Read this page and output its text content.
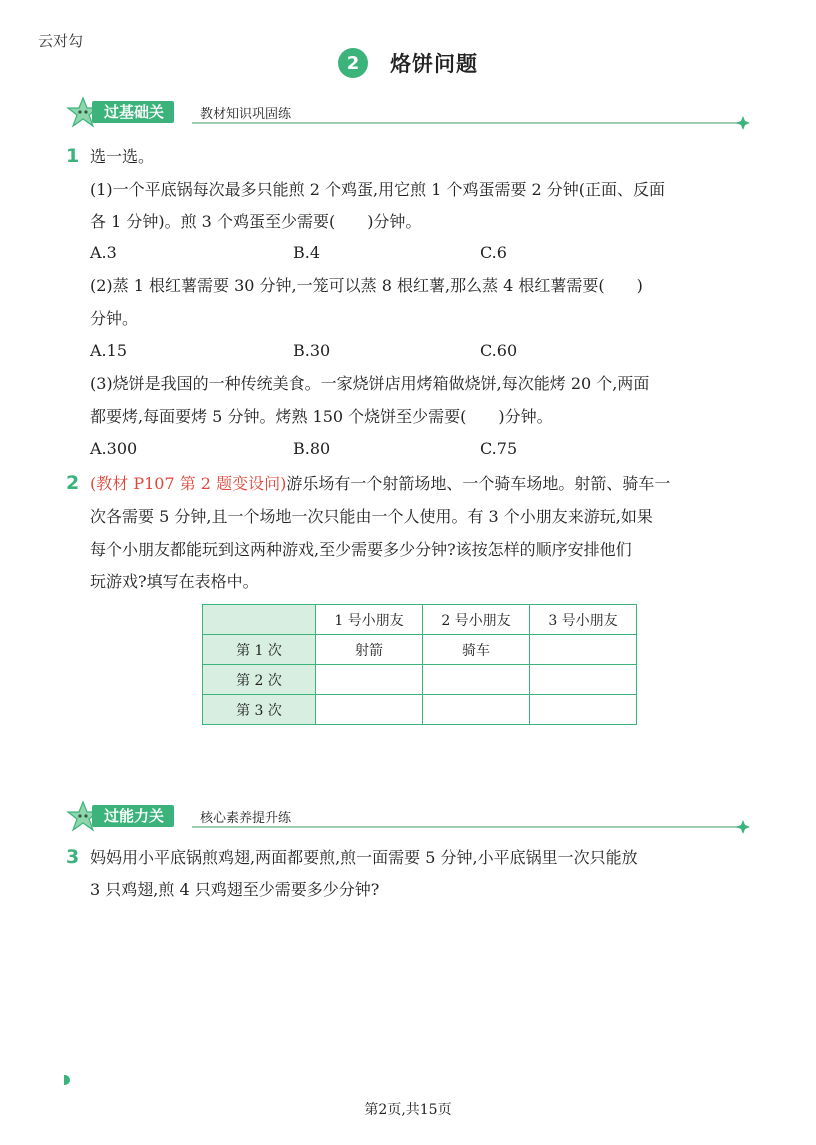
云对勾
2	烙饼问题
过基础关	教材知识巩固练
1 选一选。
(1)一个平底锅每次最多只能煎 2 个鸡蛋,用它煎 1 个鸡蛋需要 2 分钟(正面、反面
各 1 分钟)。煎 3 个鸡蛋至少需要(　　)分钟。
A.3	B.4	C.6
(2)蒸 1 根红薯需要 30 分钟,一笼可以蒸 8 根红薯,那么蒸 4 根红薯需要(　　)
分钟。
A.15	B.30	C.60
(3)烧饼是我国的一种传统美食。一家烧饼店用烤箱做烧饼,每次能烤 20 个,两面
都要烤,每面要烤 5 分钟。烤熟 150 个烧饼至少需要(　　)分钟。
A.300	B.80	C.75
2 (教材 P107 第 2 题变设问)游乐场有一个射箭场地、一个骑车场地。射箭、骑车一
次各需要 5 分钟,且一个场地一次只能由一个人使用。有 3 个小朋友来游玩,如果
每个小朋友都能玩到这两种游戏,至少需要多少分钟?该按怎样的顺序安排他们
玩游戏?填写在表格中。
	1 号小朋友	2 号小朋友	3 号小朋友
第 1 次	射箭	骑车	
第 2 次			
第 3 次			
过能力关	核心素养提升练
3 妈妈用小平底锅煎鸡翅,两面都要煎,煎一面需要 5 分钟,小平底锅里一次只能放
3 只鸡翅,煎 4 只鸡翅至少需要多少分钟?
第2页,共15页
